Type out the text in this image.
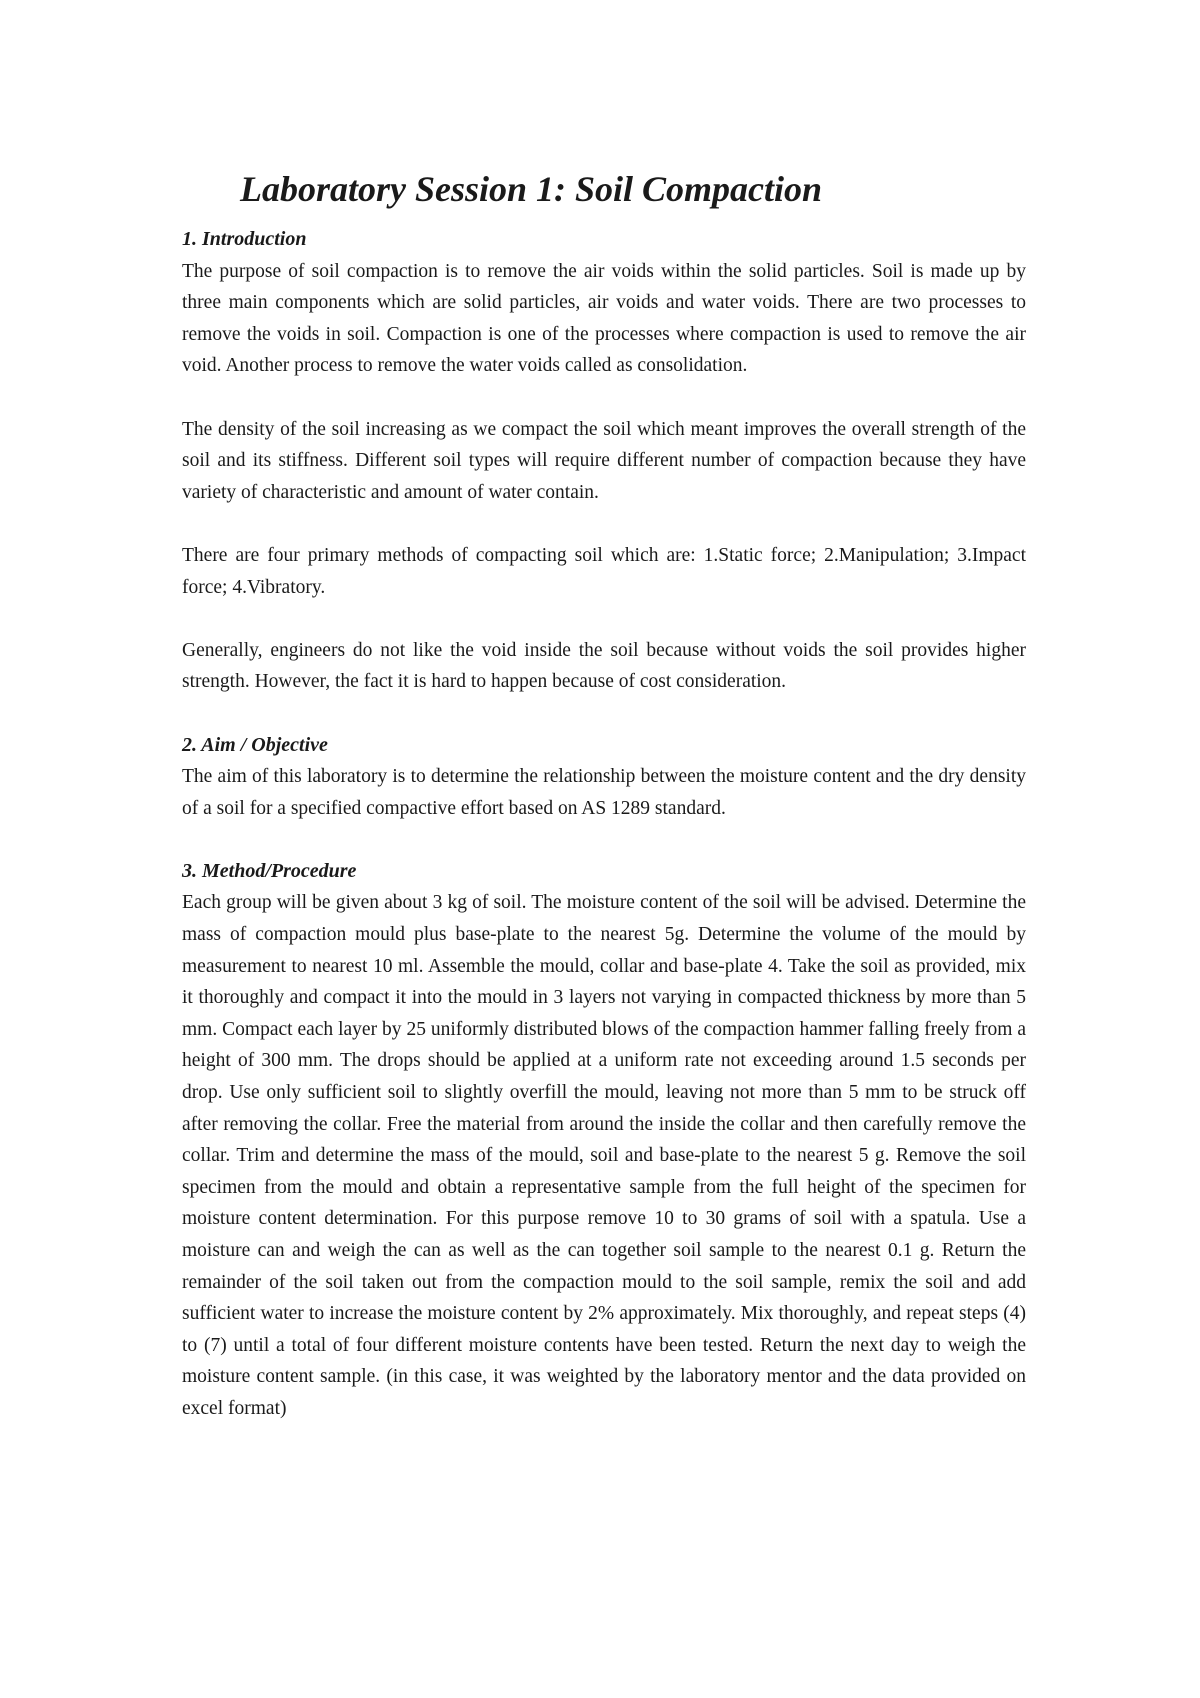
Laboratory Session 1: Soil Compaction

1. Introduction

The purpose of soil compaction is to remove the air voids within the solid particles. Soil is made up by three main components which are solid particles, air voids and water voids. There are two processes to remove the voids in soil. Compaction is one of the processes where compaction is used to remove the air void. Another process to remove the water voids called as consolidation.

The density of the soil increasing as we compact the soil which meant improves the overall strength of the soil and its stiffness. Different soil types will require different number of compaction because they have variety of characteristic and amount of water contain.

There are four primary methods of compacting soil which are: 1.Static force; 2.Manipulation; 3.Impact force; 4.Vibratory.

Generally, engineers do not like the void inside the soil because without voids the soil provides higher strength. However, the fact it is hard to happen because of cost consideration.

2. Aim / Objective

The aim of this laboratory is to determine the relationship between the moisture content and the dry density of a soil for a specified compactive effort based on AS 1289 standard.

3. Method/Procedure

Each group will be given about 3 kg of soil. The moisture content of the soil will be advised. Determine the mass of compaction mould plus base-plate to the nearest 5g. Determine the volume of the mould by measurement to nearest 10 ml. Assemble the mould, collar and base-plate 4. Take the soil as provided, mix it thoroughly and compact it into the mould in 3 layers not varying in compacted thickness by more than 5 mm. Compact each layer by 25 uniformly distributed blows of the compaction hammer falling freely from a height of 300 mm. The drops should be applied at a uniform rate not exceeding around 1.5 seconds per drop. Use only sufficient soil to slightly overfill the mould, leaving not more than 5 mm to be struck off after removing the collar. Free the material from around the inside the collar and then carefully remove the collar. Trim and determine the mass of the mould, soil and base-plate to the nearest 5 g. Remove the soil specimen from the mould and obtain a representative sample from the full height of the specimen for moisture content determination. For this purpose remove 10 to 30 grams of soil with a spatula. Use a moisture can and weigh the can as well as the can together soil sample to the nearest 0.1 g. Return the remainder of the soil taken out from the compaction mould to the soil sample, remix the soil and add sufficient water to increase the moisture content by 2% approximately. Mix thoroughly, and repeat steps (4) to (7) until a total of four different moisture contents have been tested. Return the next day to weigh the moisture content sample. (in this case, it was weighted by the laboratory mentor and the data provided on excel format)
